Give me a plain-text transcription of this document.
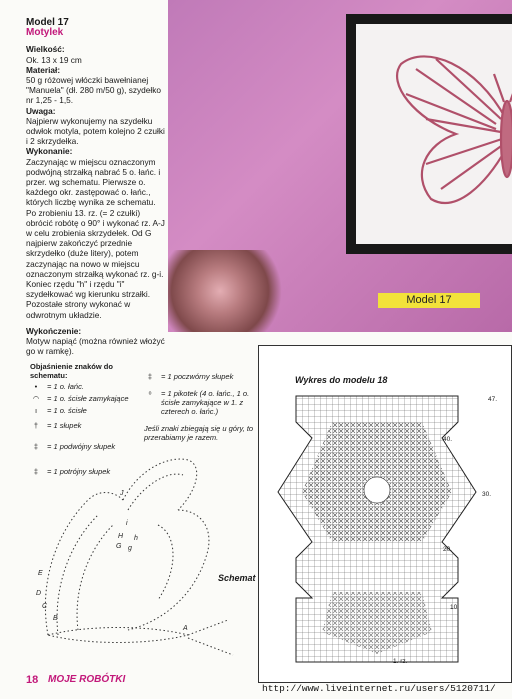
Model 17

Model 17

Motylek

Wielkość:

Ok. 13 x 19 cm

Materiał:

50 g różowej włóczki bawełnianej "Manuela" (dł. 280 m/50 g), szydełko nr 1,25 - 1,5.

Uwaga:

Najpierw wykonujemy na szydełku odwłok motyla, potem kolejno 2 czułki i 2 skrzydełka.

Wykonanie:

Zaczynając w miejscu oznaczonym podwójną strzałką nabrać 5 o. łańc. i przer. wg schematu. Pierwsze o. każdego okr. zastępować o. łańc., których liczbę wynika ze schematu. Po zrobieniu 13. rz. (= 2 czułki) obrócić robótę o 90° i wykonać rz. A-J w celu zrobienia skrzydełek. Od G najpierw zakończyć przednie skrzydełko (duże litery), potem zaczynając na nowo w miejscu oznaczonym strzałką wykonać rz. g-i. Koniec rzędu "h" i rzędu "i" szydełkować wg kierunku strzałki. Pozostałe strony wykonać w odwrotnym układzie.

Wykończenie:

Motyw napiąć (można również włożyć go w ramkę).

Objaśnienie znaków do schematu:
•	= 1 o. łańc.
◠	= 1 o. ścisłe zamykające
ı	= 1 o. ścisłe
†	= 1 słupek
‡	= 1 podwójny słupek
‡	= 1 potrójny słupek
‡	= 1 poczwórny słupek
ᵒ	= 1 pikotek (4 o. łańc., 1 o. ścisłe zamykające w 1. z czterech o. łańc.)
Jeśli znaki zbiegają się u góry, to przerabiamy je razem.
J
H
G
E
D
C
B
A
i
h
g
Schemat
Wykres do modelu 18
47.
40.
30.
20.
10.
1. rz.
18 MOJE ROBÓTKI
http://www.liveinternet.ru/users/5120711/
